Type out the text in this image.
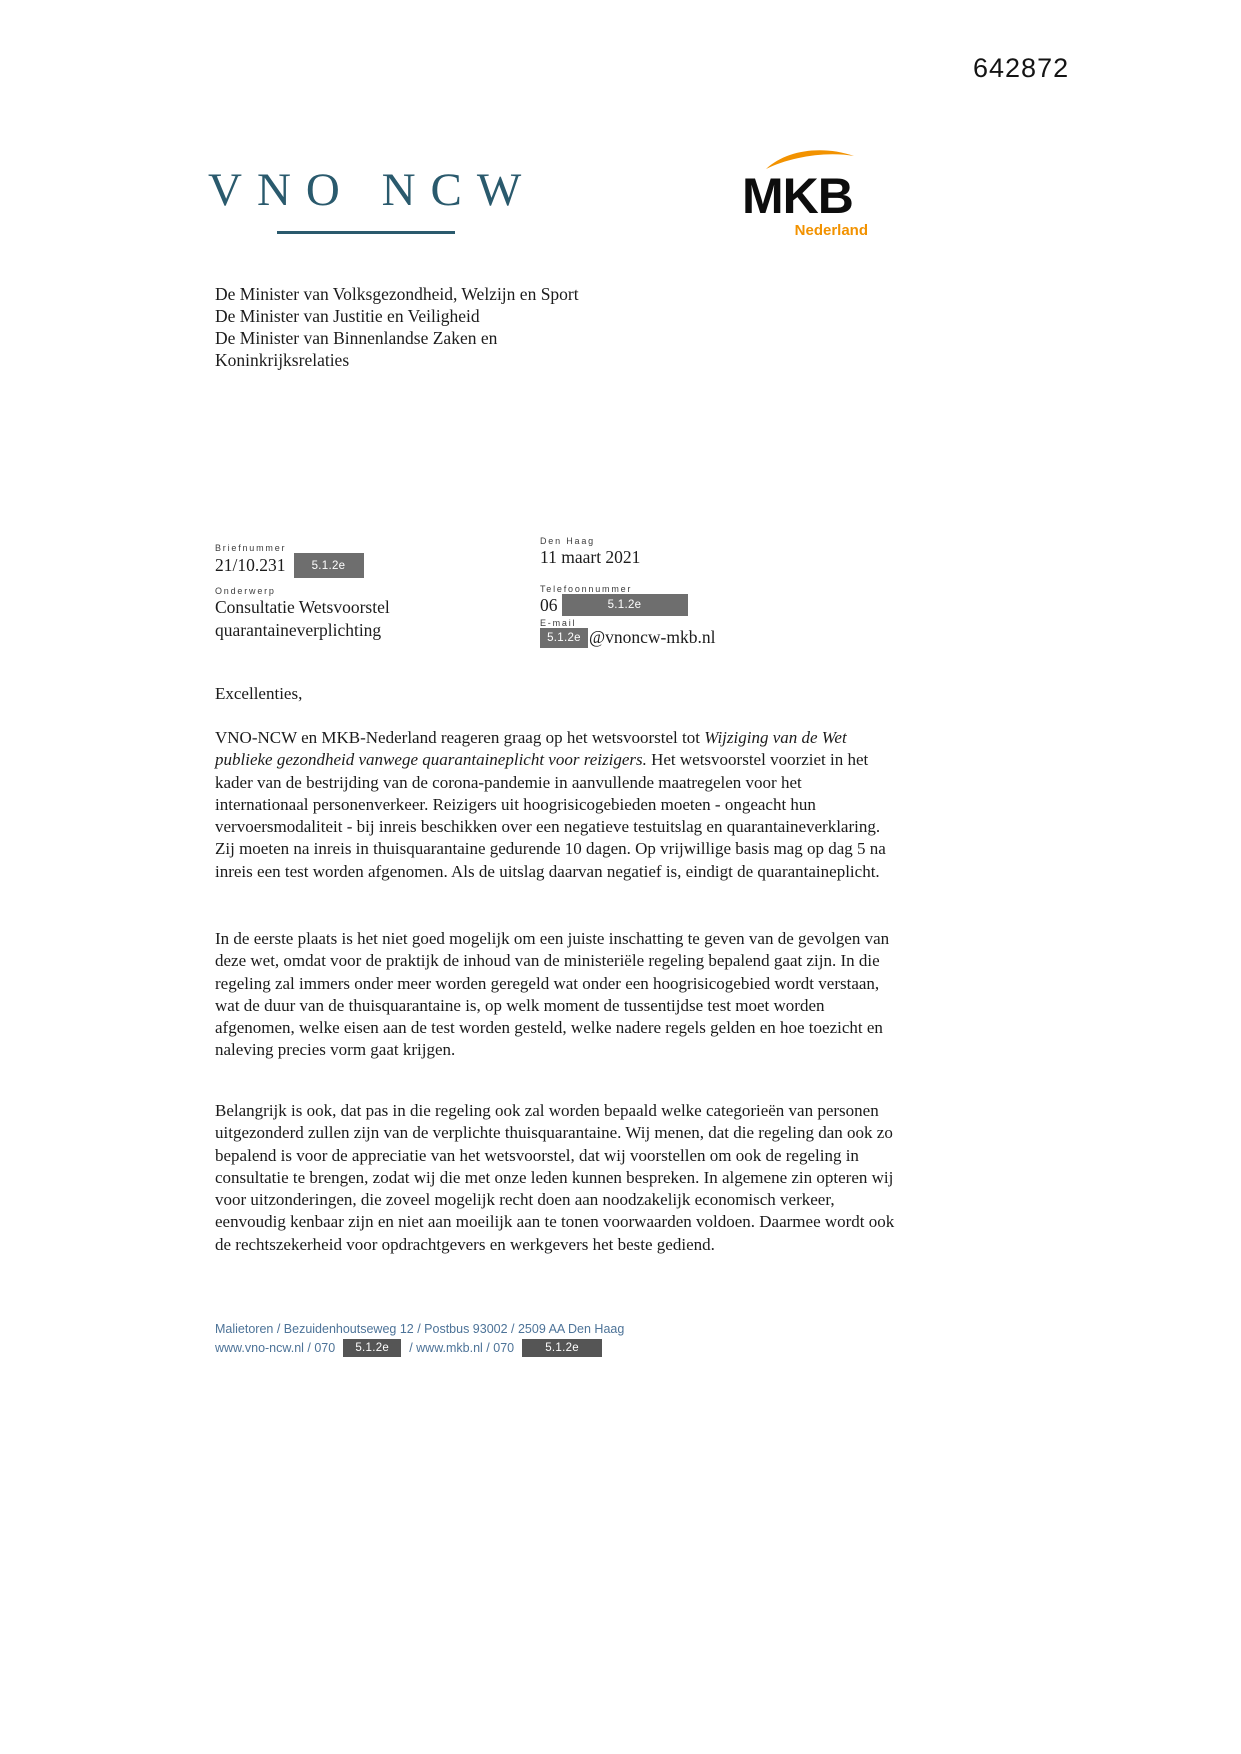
642872
VNO NCW	MKB
Nederland
De Minister van Volksgezondheid, Welzijn en Sport
De Minister van Justitie en Veiligheid
De Minister van Binnenlandse Zaken en
Koninkrijksrelaties
Briefnummer
21/10.231	5.1.2e
Onderwerp
Consultatie Wetsvoorstel
quarantaineverplichting
Den Haag
11 maart 2021
Telefoonnummer
06	5.1.2e
E-mail
5.1.2e @vnoncw-mkb.nl
Excellenties,
VNO-NCW en MKB-Nederland reageren graag op het wetsvoorstel tot Wijziging van de Wet publieke gezondheid vanwege quarantaineplicht voor reizigers. Het wetsvoorstel voorziet in het kader van de bestrijding van de corona-pandemie in aanvullende maatregelen voor het internationaal personenverkeer. Reizigers uit hoogrisicogebieden moeten - ongeacht hun vervoersmodaliteit - bij inreis beschikken over een negatieve testuitslag en quarantaineverklaring. Zij moeten na inreis in thuisquarantaine gedurende 10 dagen. Op vrijwillige basis mag op dag 5 na inreis een test worden afgenomen. Als de uitslag daarvan negatief is, eindigt de quarantaineplicht.
In de eerste plaats is het niet goed mogelijk om een juiste inschatting te geven van de gevolgen van deze wet, omdat voor de praktijk de inhoud van de ministeriële regeling bepalend gaat zijn. In die regeling zal immers onder meer worden geregeld wat onder een hoogrisicogebied wordt verstaan, wat de duur van de thuisquarantaine is, op welk moment de tussentijdse test moet worden afgenomen, welke eisen aan de test worden gesteld, welke nadere regels gelden en hoe toezicht en naleving precies vorm gaat krijgen.
Belangrijk is ook, dat pas in die regeling ook zal worden bepaald welke categorieën van personen uitgezonderd zullen zijn van de verplichte thuisquarantaine. Wij menen, dat die regeling dan ook zo bepalend is voor de appreciatie van het wetsvoorstel, dat wij voorstellen om ook de regeling in consultatie te brengen, zodat wij die met onze leden kunnen bespreken. In algemene zin opteren wij voor uitzonderingen, die zoveel mogelijk recht doen aan noodzakelijk economisch verkeer, eenvoudig kenbaar zijn en niet aan moeilijk aan te tonen voorwaarden voldoen. Daarmee wordt ook de rechtszekerheid voor opdrachtgevers en werkgevers het beste gediend.
Malietoren / Bezuidenhoutseweg 12 / Postbus 93002 / 2509 AA Den Haag
www.vno-ncw.nl / 070	5.1.2e	/ www.mkb.nl / 070	5.1.2e
